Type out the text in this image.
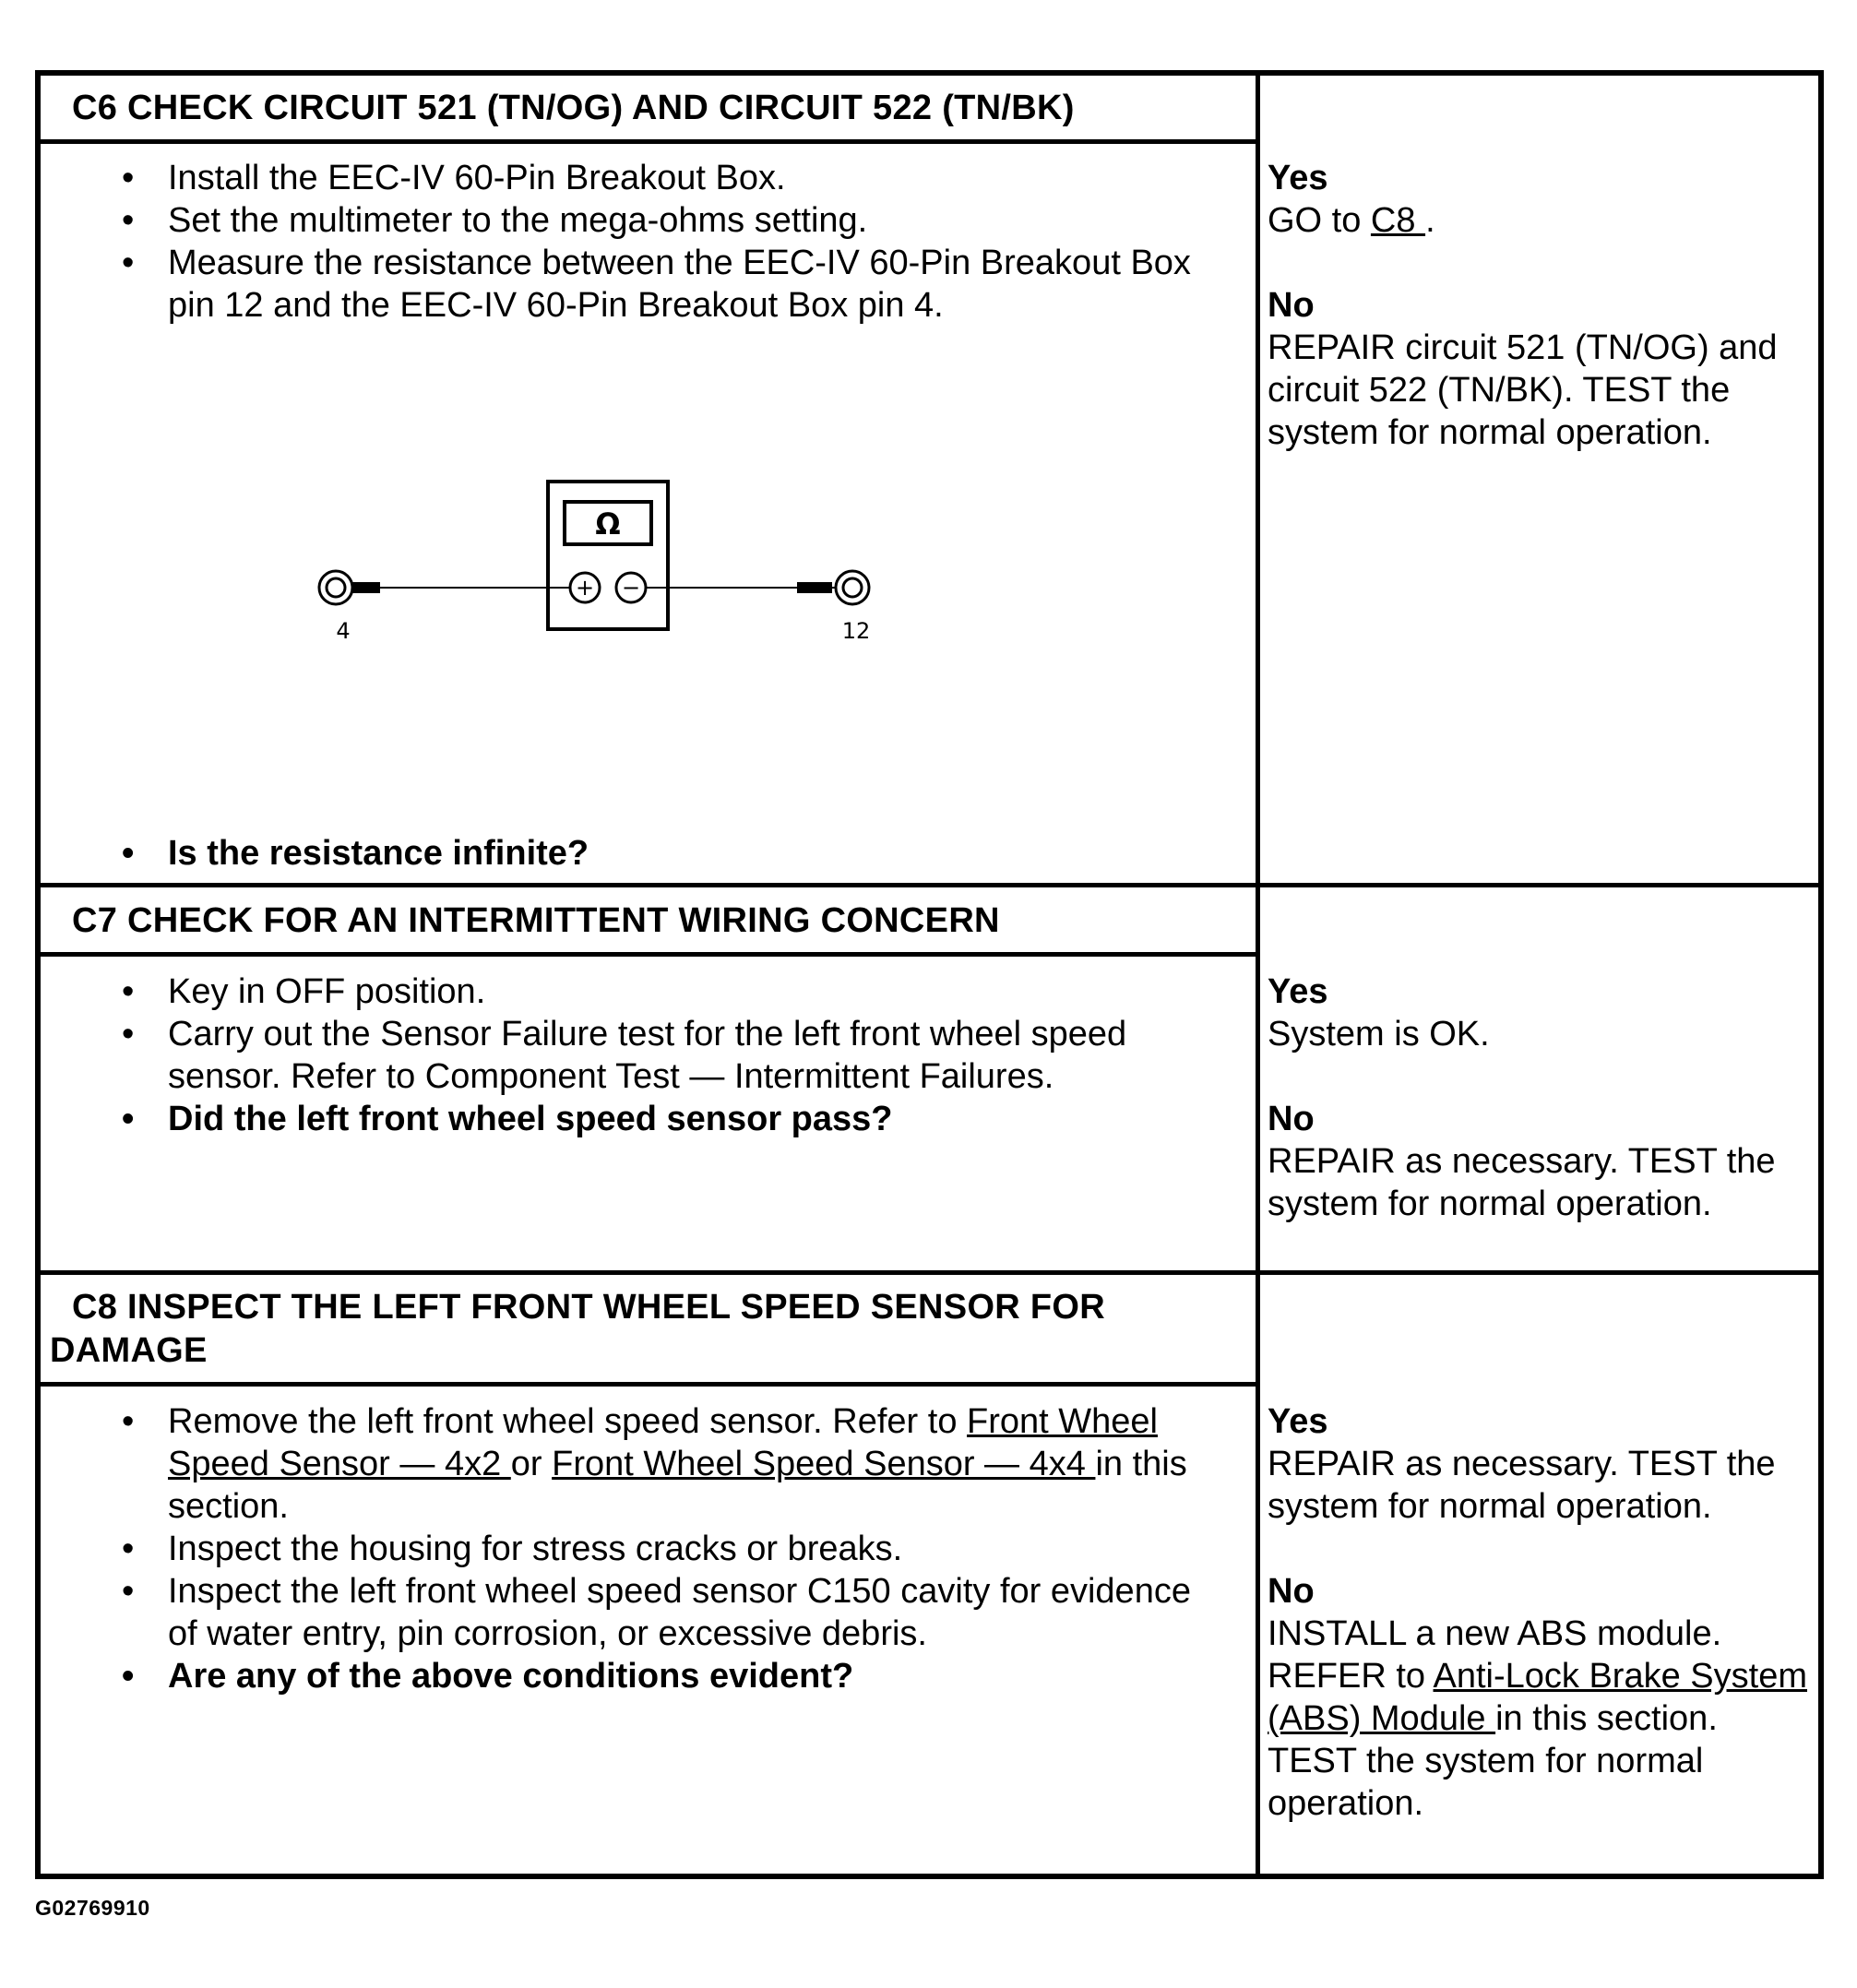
C6 CHECK CIRCUIT 521 (TN/OG) AND CIRCUIT 522 (TN/BK)
• Install the EEC-IV 60-Pin Breakout Box.
• Set the multimeter to the mega-ohms setting.
• Measure the resistance between the EEC-IV 60-Pin Breakout Box pin 12 and the EEC-IV 60-Pin Breakout Box pin 4.
Ω
+ −
4	12
• Is the resistance infinite?
Yes
GO to C8 .
No
REPAIR circuit 521 (TN/OG) and circuit 522 (TN/BK). TEST the system for normal operation.
C7 CHECK FOR AN INTERMITTENT WIRING CONCERN
• Key in OFF position.
• Carry out the Sensor Failure test for the left front wheel speed sensor. Refer to Component Test — Intermittent Failures.
• Did the left front wheel speed sensor pass?
Yes
System is OK.
No
REPAIR as necessary. TEST the system for normal operation.
C8 INSPECT THE LEFT FRONT WHEEL SPEED SENSOR FOR
DAMAGE
• Remove the left front wheel speed sensor. Refer to Front Wheel Speed Sensor — 4x2 or Front Wheel Speed Sensor — 4x4 in this section.
• Inspect the housing for stress cracks or breaks.
• Inspect the left front wheel speed sensor C150 cavity for evidence of water entry, pin corrosion, or excessive debris.
• Are any of the above conditions evident?
Yes
REPAIR as necessary. TEST the system for normal operation.
No
INSTALL a new ABS module. REFER to Anti-Lock Brake System (ABS) Module in this section. TEST the system for normal operation.
G02769910
